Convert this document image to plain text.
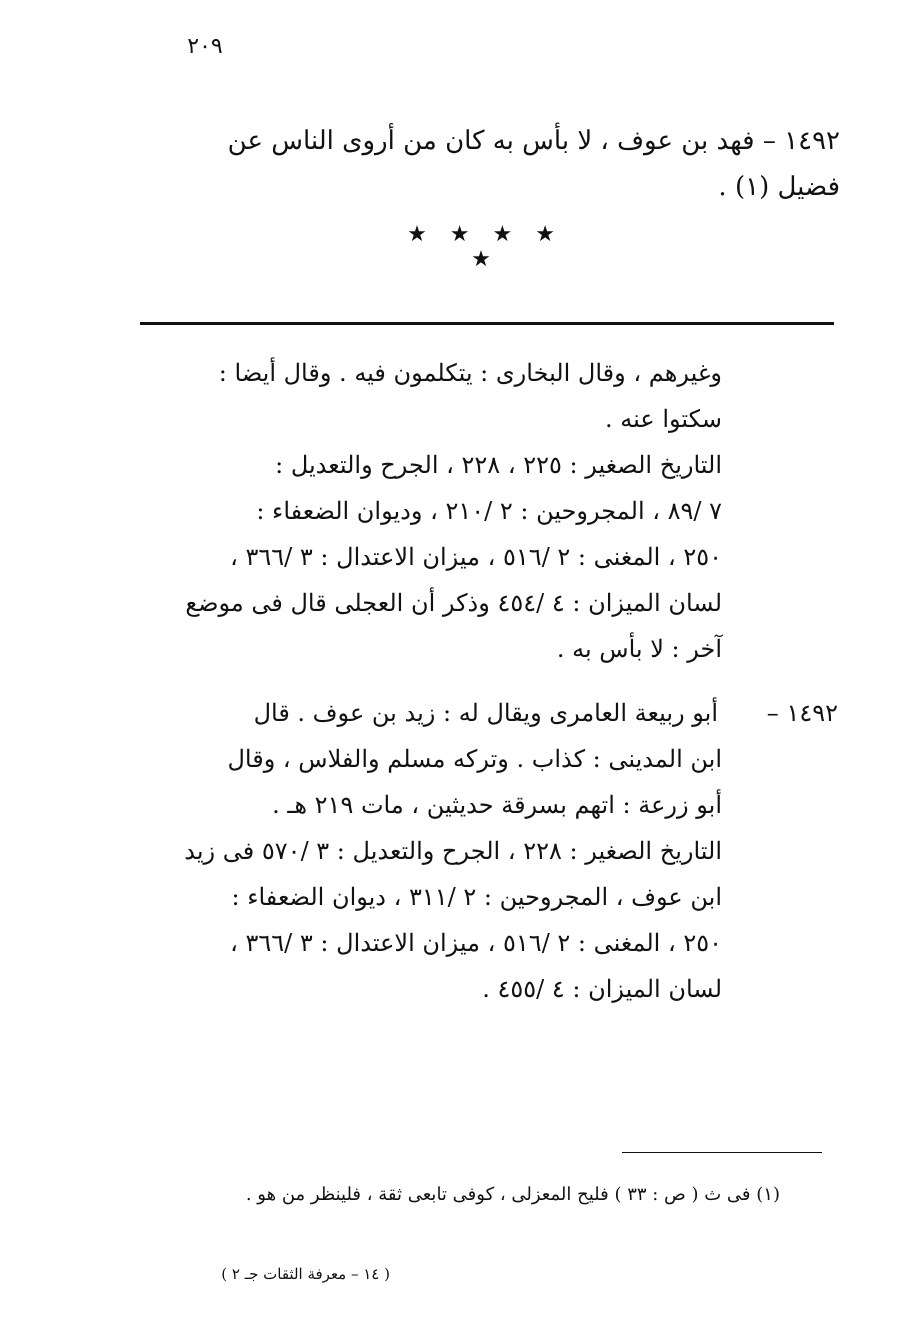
٢٠٩
١٤٩٢ – فهد بن عوف ، لا بأس به كان من أروى الناس عن
فضيل (١) .
★ ★ ★ ★ ★
وغيرهم ، وقال البخارى : يتكلمون فيه . وقال أيضا :
سكتوا عنه .
التاريخ الصغير : ٢٢٥ ، ٢٢٨ ، الجرح والتعديل :
٧ /٨٩ ، المجروحين : ٢ /٢١٠ ، وديوان الضعفاء :
٢٥٠ ، المغنى : ٢ /٥١٦ ، ميزان الاعتدال : ٣ /٣٦٦ ،
لسان الميزان : ٤ /٤٥٤ وذكر أن العجلى قال فى موضع
آخر : لا بأس به .
١٤٩٢ –أبو ربيعة العامرى ويقال له : زيد بن عوف . قال
ابن المدينى : كذاب . وتركه مسلم والفلاس ، وقال
أبو زرعة : اتهم بسرقة حديثين ، مات ٢١٩ هـ .
التاريخ الصغير : ٢٢٨ ، الجرح والتعديل : ٣ /٥٧٠ فى زيد
ابن عوف ، المجروحين : ٢ /٣١١ ، ديوان الضعفاء :
٢٥٠ ، المغنى : ٢ /٥١٦ ، ميزان الاعتدال : ٣ /٣٦٦ ،
لسان الميزان : ٤ /٤٥٥ .
(١) فى ث ( ص : ٣٣ ) فليح المعزلى ، كوفى تابعى ثقة ، فلينظر من هو .
( ١٤ – معرفة الثقات جـ ٢ )
